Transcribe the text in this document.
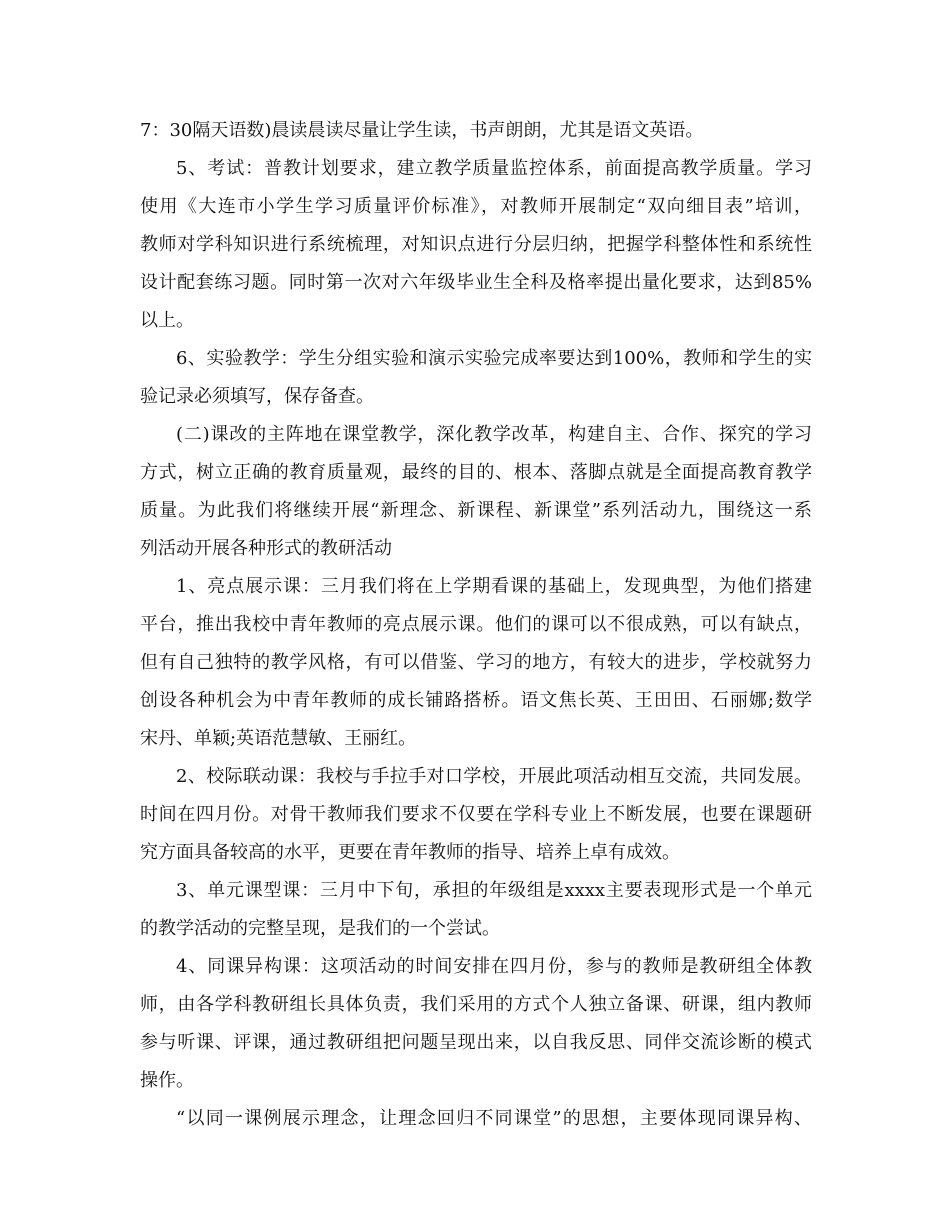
7：30隔天语数)晨读晨读尽量让学生读，书声朗朗，尤其是语文英语。
5、考试：普教计划要求，建立教学质量监控体系，前面提高教学质量。学习
使用《大连市小学生学习质量评价标准》，对教师开展制定“双向细目表”培训，
教师对学科知识进行系统梳理，对知识点进行分层归纳，把握学科整体性和系统性
设计配套练习题。同时第一次对六年级毕业生全科及格率提出量化要求，达到85%
以上。
6、实验教学：学生分组实验和演示实验完成率要达到100%，教师和学生的实
验记录必须填写，保存备查。
(二)课改的主阵地在课堂教学，深化教学改革，构建自主、合作、探究的学习
方式，树立正确的教育质量观，最终的目的、根本、落脚点就是全面提高教育教学
质量。为此我们将继续开展“新理念、新课程、新课堂”系列活动九，围绕这一系
列活动开展各种形式的教研活动
1、亮点展示课：三月我们将在上学期看课的基础上，发现典型，为他们搭建
平台，推出我校中青年教师的亮点展示课。他们的课可以不很成熟，可以有缺点，
但有自己独特的教学风格，有可以借鉴、学习的地方，有较大的进步，学校就努力
创设各种机会为中青年教师的成长铺路搭桥。语文焦长英、王田田、石丽娜;数学
宋丹、单颖;英语范慧敏、王丽红。
2、校际联动课：我校与手拉手对口学校，开展此项活动相互交流，共同发展。
时间在四月份。对骨干教师我们要求不仅要在学科专业上不断发展，也要在课题研
究方面具备较高的水平，更要在青年教师的指导、培养上卓有成效。
3、单元课型课：三月中下旬，承担的年级组是xxxx主要表现形式是一个单元
的教学活动的完整呈现，是我们的一个尝试。
4、同课异构课：这项活动的时间安排在四月份，参与的教师是教研组全体教
师，由各学科教研组长具体负责，我们采用的方式个人独立备课、研课，组内教师
参与听课、评课，通过教研组把问题呈现出来，以自我反思、同伴交流诊断的模式
操作。
“以同一课例展示理念，让理念回归不同课堂”的思想，主要体现同课异构、
